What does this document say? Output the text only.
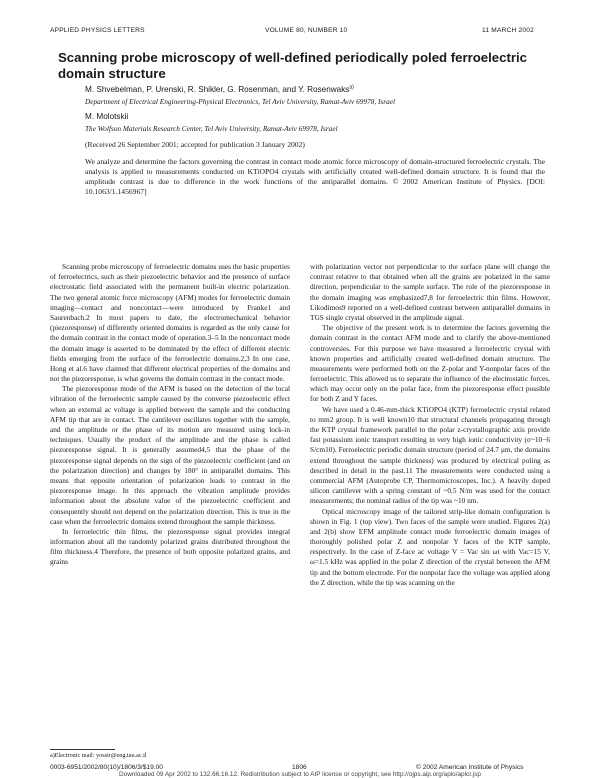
APPLIED PHYSICS LETTERS	VOLUME 80, NUMBER 10	11 MARCH 2002
Scanning probe microscopy of well-defined periodically poled ferroelectric domain structure
M. Shvebelman, P. Urenski, R. Shikler, G. Rosenman, and Y. Rosenwaks$^{a)}$
Department of Electrical Engineering-Physical Electronics, Tel Aviv University, Ramat-Aviv 69978, Israel
M. Molotskii
The Wolfson Materials Research Center, Tel Aviv University, Ramat-Aviv 69978, Israel
(Received 26 September 2001; accepted for publication 3 January 2002)
We analyze and determine the factors governing the contrast in contact mode atomic force microscopy of domain-structured ferroelectric crystals. The analysis is applied to measurements conducted on KTiOPO4 crystals with artificially created well-defined domain structure. It is found that the amplitude contrast is due to difference in the work functions of the antiparallel domains. © 2002 American Institute of Physics. [DOI: 10.1063/1.1456967]

Scanning probe microscopy of ferroelectric domains uses the basic properties of ferroelectrics, such as their piezoelectric behavior and the presence of surface electrostatic field associated with the permanent built-in electric polarization. The two general atomic force microscopy (AFM) modes for ferroelectric domain imaging—contact and noncontact—were introduced by Franke1 and Saurenbach.2 In most papers to date, the electromechanical behavior (piezoresponse) of differently oriented domains is regarded as the only cause for the domain contrast in the contact mode of operation.3–5 In the noncontact mode the domain image is asserted to be dominated by the effect of different electric fields emerging from the surface of the ferroelectric domains.2,3 In one case, Hong et al.6 have claimed that different electrical properties of the domains and not the piezoresponse, is what governs the domain contrast in the contact mode.

The piezoresponse mode of the AFM is based on the detection of the local vibration of the ferroelectric sample caused by the converse piezoelectric effect when an external ac voltage is applied between the sample and the conducting AFM tip that are in contact. The cantilever oscillates together with the sample, and the amplitude or the phase of its motion are measured using lock-in techniques. Usually the product of the amplitude and the phase is called piezoresponse signal. It is generally assumed4,5 that the phase of the piezoresponse signal depends on the sign of the piezoelectric coefficient (and on the polarization direction) and changes by 180° in antiparallel domains. This means that opposite orientation of polarization leads to contrast in the piezoresponse image. In this approach the vibration amplitude provides information about the absolute value of the piezoelectric coefficient and consequently should not depend on the polarization direction. This is true in the case when the ferroelectric domains extend throughout the sample thickness.

In ferroelectric thin films, the piezoresponse signal provides integral information about all the randomly polarized grains distributed throughout the film thickness.4 Therefore, the presence of both opposite polarized grains, and grains

with polarization vector not perpendicular to the surface plane will change the contrast relative to that obtained when all the grains are polarized in the same direction, perpendicular to the sample surface. The role of the piezoresponse in the domain imaging was emphasized7,8 for ferroelectric thin films. However, Likodimos9 reported on a well-defined contrast between antiparallel domains in TGS single crystal observed in the amplitude signal.

The objective of the present work is to determine the factors governing the domain contrast in the contact AFM mode and to clarify the above-mentioned controversies. For this purpose we have measured a ferroelectric crystal with known properties and artificially created well-defined domain structure. The measurements were performed both on the Z-polar and Y-nonpolar faces of the ferroelectric. This allowed us to separate the influence of the electrostatic forces, which may occur only on the polar face, from the piezoresponse effect possible for both Z and Y faces.

We have used a 0.46-mm-thick KTiOPO4 (KTP) ferroelectric crystal related to mm2 group. It is well known10 that structural channels propagating through the KTP crystal framework parallel to the polar z-crystallographic axis provide fast potassium ionic transport resulting in very high ionic conductivity (σ~10−6 S/cm10). Ferroelectric periodic domain structure (period of 24.7 μm, the domains extend throughout the sample thickness) was produced by electrical poling as described in detail in the past.11 The measurements were conducted using a commercial AFM (Autoprobe CP, Thermomicroscopes, Inc.). A heavily doped silicon cantilever with a spring constant of ~0.5 N/m was used for the contact measurements; the nominal radius of the tip was ~10 nm.

Optical microscopy image of the tailored strip-like domain configuration is shown in Fig. 1 (top view). Two faces of the sample were studied. Figures 2(a) and 2(b) show EFM amplitude contact mode ferroelectric domain images of thoroughly polished polar Z and nonpolar Y faces of the KTP sample, respectively. In the case of Z-face ac voltage V = Vac sin ωt with Vac=15 V, ω=1.5 kHz was applied in the polar Z direction of the crystal between the AFM tip and the bottom electrode. For the nonpolar face the voltage was applied along the Z direction, while the tip was scanning on the

a)Electronic mail: yossir@eng.tau.ac.il
0003-6951/2002/80(10)/1806/3/$19.00	1806	© 2002 American Institute of Physics
Downloaded 09 Apr 2002 to 132.66.16.12. Redistribution subject to AIP license or copyright, see http://ojps.aip.org/aplo/aplcr.jsp
